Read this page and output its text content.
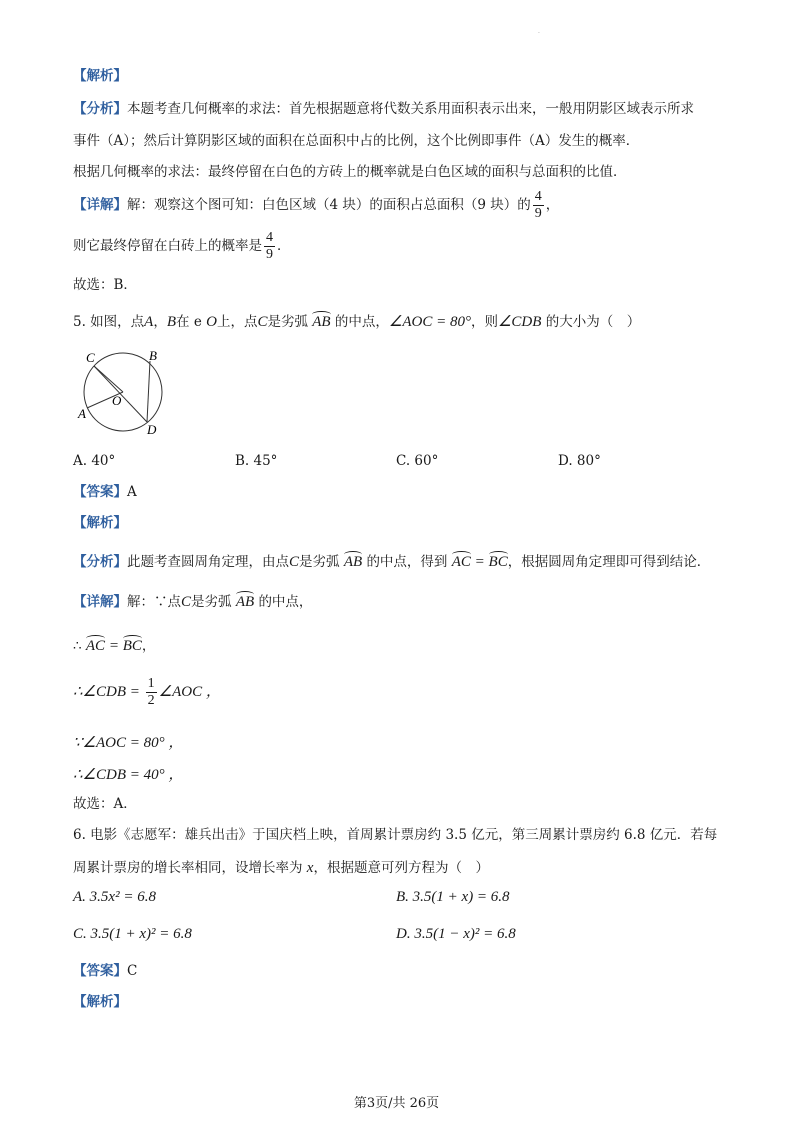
·
【解析】
【分析】本题考查几何概率的求法：首先根据题意将代数关系用面积表示出来，一般用阴影区域表示所求
事件（A）；然后计算阴影区域的面积在总面积中占的比例，这个比例即事件（A）发生的概率．
根据几何概率的求法：最终停留在白色的方砖上的概率就是白色区域的面积与总面积的比值．
【详解】解：观察这个图可知：白色区域（4 块）的面积占总面积（9 块）的 $\frac{4}{9}$ ，
则它最终停留在白砖上的概率是 $\frac{4}{9}$ ．
故选：B．
5. 如图，点A，B在 e O上，点C是劣弧 AB 的中点，∠AOC = 80°，则∠CDB 的大小为（　）
C	B
O
A
D
A. 40°	B. 45°	C. 60°	D. 80°
【答案】A
【解析】
【分析】此题考查圆周角定理，由点C是劣弧 AB 的中点，得到 AC = BC，根据圆周角定理即可得到结论．
【详解】解：∵点C是劣弧 AB 的中点，
∴ AC = BC，
∴∠CDB = $\frac{1}{2}$ ∠AOC ，
∵∠AOC = 80° ，
∴∠CDB = 40° ，
故选：A．
6. 电影《志愿军：雄兵出击》于国庆档上映，首周累计票房约 3.5 亿元，第三周累计票房约 6.8 亿元．若每
周累计票房的增长率相同，设增长率为 x，根据题意可列方程为（　）
A. 3.5x² = 6.8	B. 3.5(1 + x) = 6.8
C. 3.5(1 + x)² = 6.8	D. 3.5(1 − x)² = 6.8
【答案】C
【解析】
第3页/共 26页
